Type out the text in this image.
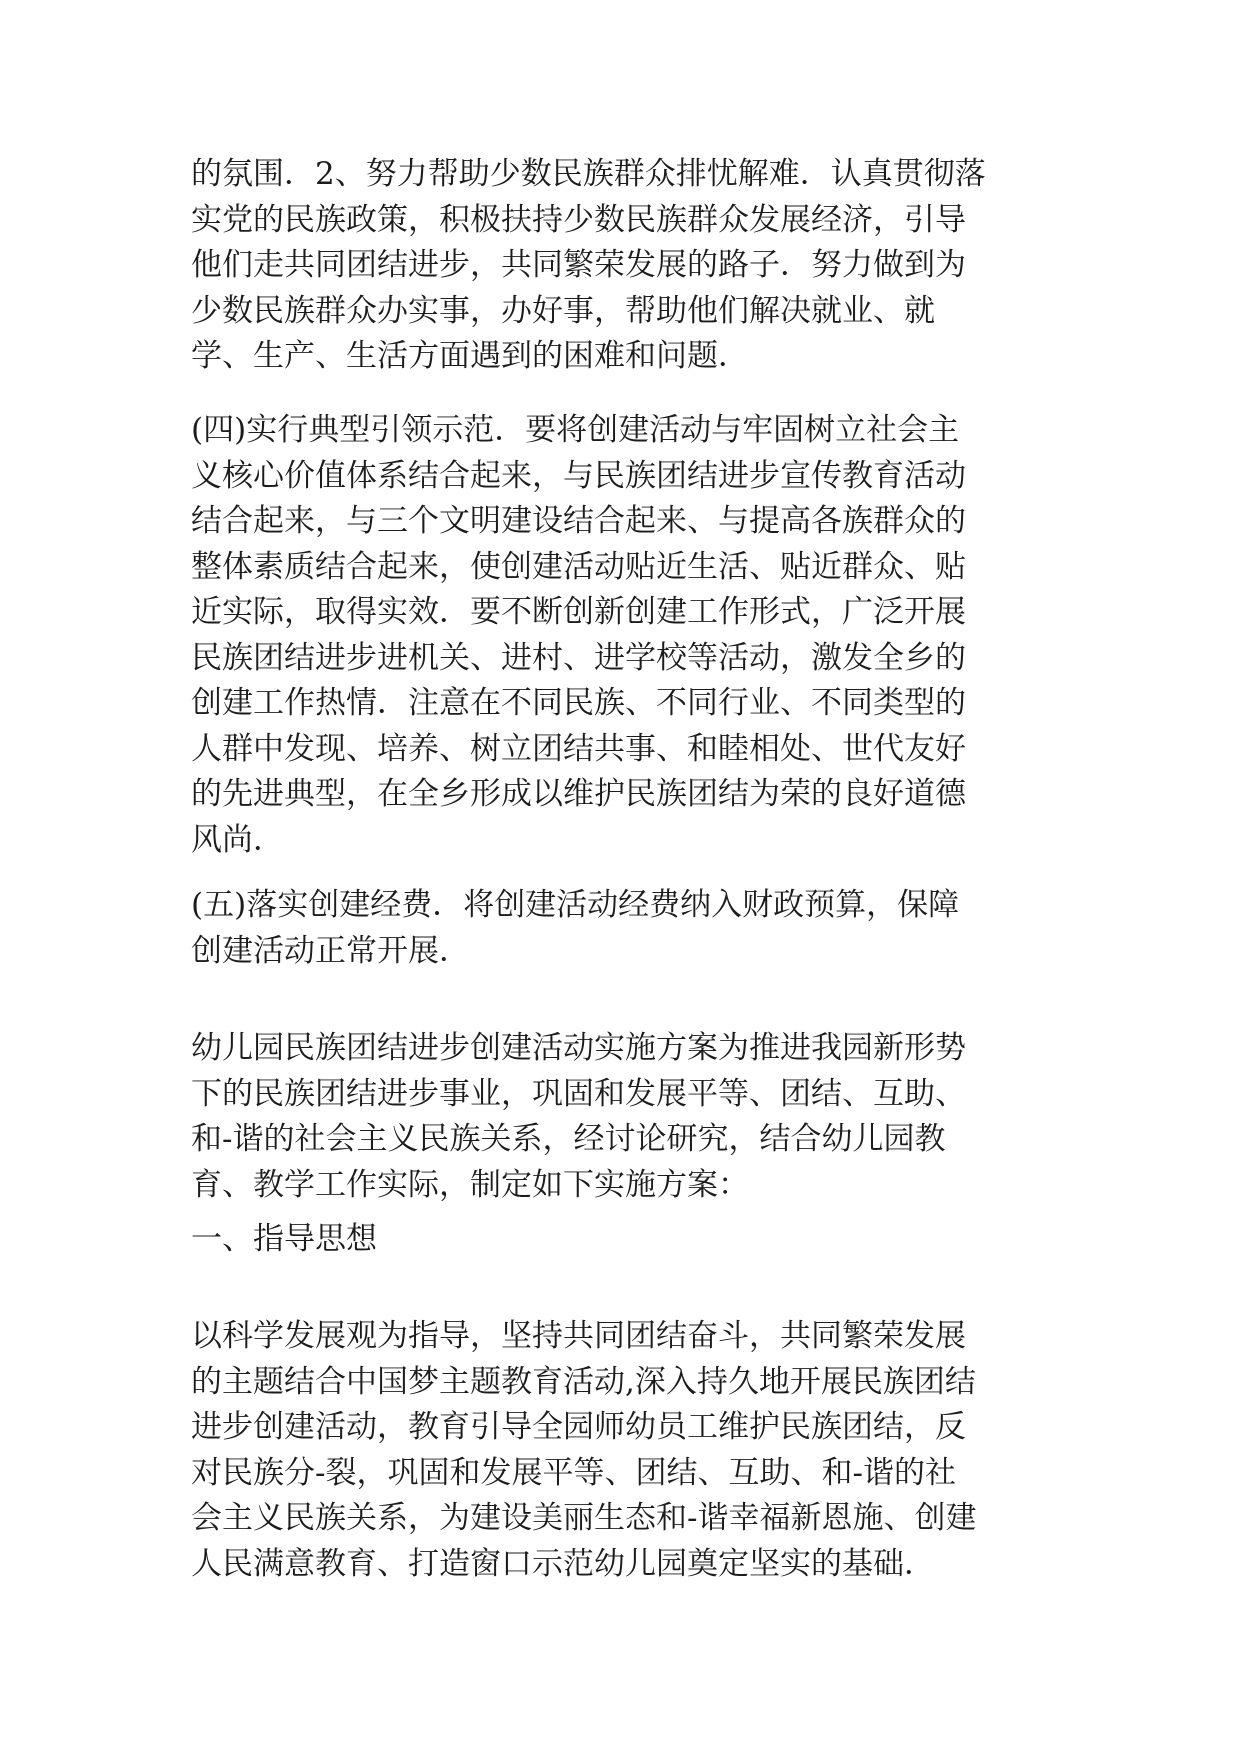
的氛围．2、努力帮助少数民族群众排忧解难．认真贯彻落
实党的民族政策，积极扶持少数民族群众发展经济，引导
他们走共同团结进步，共同繁荣发展的路子．努力做到为
少数民族群众办实事，办好事，帮助他们解决就业、就
学、生产、生活方面遇到的困难和问题．
(四)实行典型引领示范．要将创建活动与牢固树立社会主
义核心价值体系结合起来，与民族团结进步宣传教育活动
结合起来，与三个文明建设结合起来、与提高各族群众的
整体素质结合起来，使创建活动贴近生活、贴近群众、贴
近实际，取得实效．要不断创新创建工作形式，广泛开展
民族团结进步进机关、进村、进学校等活动，激发全乡的
创建工作热情．注意在不同民族、不同行业、不同类型的
人群中发现、培养、树立团结共事、和睦相处、世代友好
的先进典型，在全乡形成以维护民族团结为荣的良好道德
风尚．
(五)落实创建经费．将创建活动经费纳入财政预算，保障
创建活动正常开展．
幼儿园民族团结进步创建活动实施方案为推进我园新形势
下的民族团结进步事业，巩固和发展平等、团结、互助、
和-谐的社会主义民族关系，经讨论研究，结合幼儿园教
育、教学工作实际，制定如下实施方案：
一、指导思想
以科学发展观为指导，坚持共同团结奋斗，共同繁荣发展
的主题结合中国梦主题教育活动,深入持久地开展民族团结
进步创建活动，教育引导全园师幼员工维护民族团结，反
对民族分-裂，巩固和发展平等、团结、互助、和-谐的社
会主义民族关系，为建设美丽生态和-谐幸福新恩施、创建
人民满意教育、打造窗口示范幼儿园奠定坚实的基础．
